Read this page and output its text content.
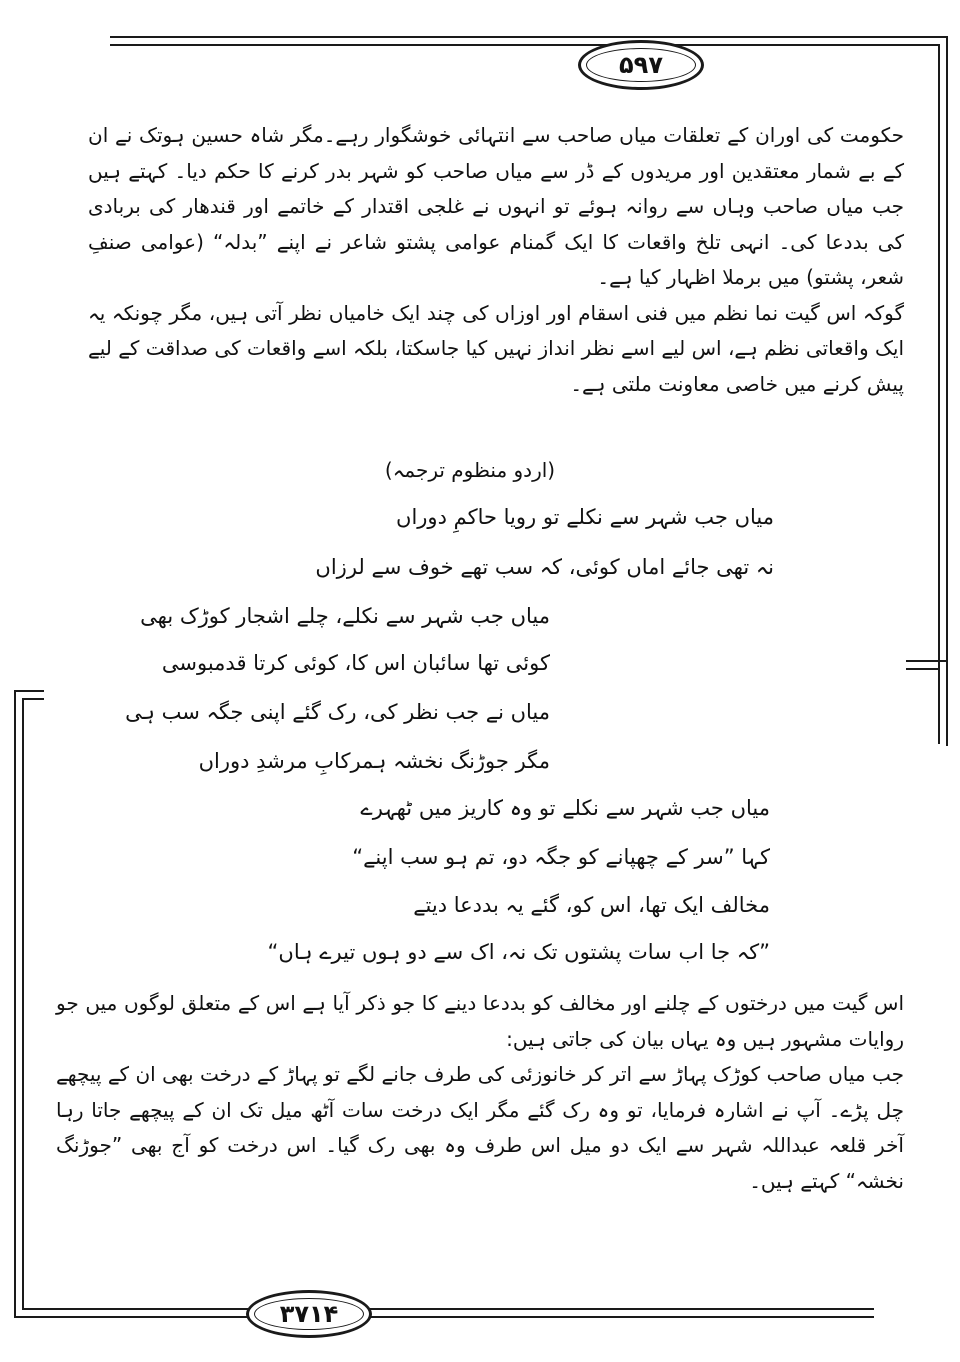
۵۹۷
۳۷۱۴

حکومت کی اوران کے تعلقات میاں صاحب سے انتہائی خوشگوار رہے۔مگر شاہ حسین ہوتک نے ان کے بے شمار معتقدین اور مریدوں کے ڈر سے میاں صاحب کو شہر بدر کرنے کا حکم دیا۔ کہتے ہیں جب میاں صاحب وہاں سے روانہ ہوئے تو انہوں نے غلجی اقتدار کے خاتمے اور قندھار کی بربادی کی بددعا کی۔ انہی تلخ واقعات کا ایک گمنام عوامی پشتو شاعر نے اپنے ”بدلہ“ (عوامی صنفِ شعر، پشتو) میں برملا اظہار کیا ہے۔

گوکہ اس گیت نما نظم میں فنی اسقام اور اوزاں کی چند ایک خامیاں نظر آتی ہیں، مگر چونکہ یہ ایک واقعاتی نظم ہے، اس لیے اسے نظر انداز نہیں کیا جاسکتا، بلکہ اسے واقعات کی صداقت کے لیے پیش کرنے میں خاصی معاونت ملتی ہے۔

(اردو منظوم ترجمہ)
میاں جب شہر سے نکلے تو رویا حاکمِ دوراں
نہ تھی جائے اماں کوئی، کہ سب تھے خوف سے لرزاں
میاں جب شہر سے نکلے، چلے اشجار کوڑک بھی
کوئی تھا سائبان اس کا، کوئی کرتا قدمبوسی
میاں نے جب نظر کی، رک گئے اپنی جگہ سب ہی
مگر جوڑنگ نخشہ ہمرکابِ مرشدِ دوراں
میاں جب شہر سے نکلے تو وہ کاریز میں ٹھہرے
کہا ”سر کے چھپانے کو جگہ دو، تم ہو سب اپنے“
مخالف ایک تھا، اس کو، گئے یہ بددعا دیتے
”کہ جا اب سات پشتوں تک نہ، اک سے دو ہوں تیرے ہاں“

اس گیت میں درختوں کے چلنے اور مخالف کو بددعا دینے کا جو ذکر آیا ہے اس کے متعلق لوگوں میں جو روایات مشہور ہیں وہ یہاں بیان کی جاتی ہیں:

جب میاں صاحب کوڑک پہاڑ سے اتر کر خانوزئی کی طرف جانے لگے تو پہاڑ کے درخت بھی ان کے پیچھے چل پڑے۔ آپ نے اشارہ فرمایا، تو وہ رک گئے مگر ایک درخت سات آٹھ میل تک ان کے پیچھے جاتا رہا آخر قلعہ عبداللہ شہر سے ایک دو میل اس طرف وہ بھی رک گیا۔ اس درخت کو آج بھی ”جوڑنگ نخشہ“ کہتے ہیں۔
